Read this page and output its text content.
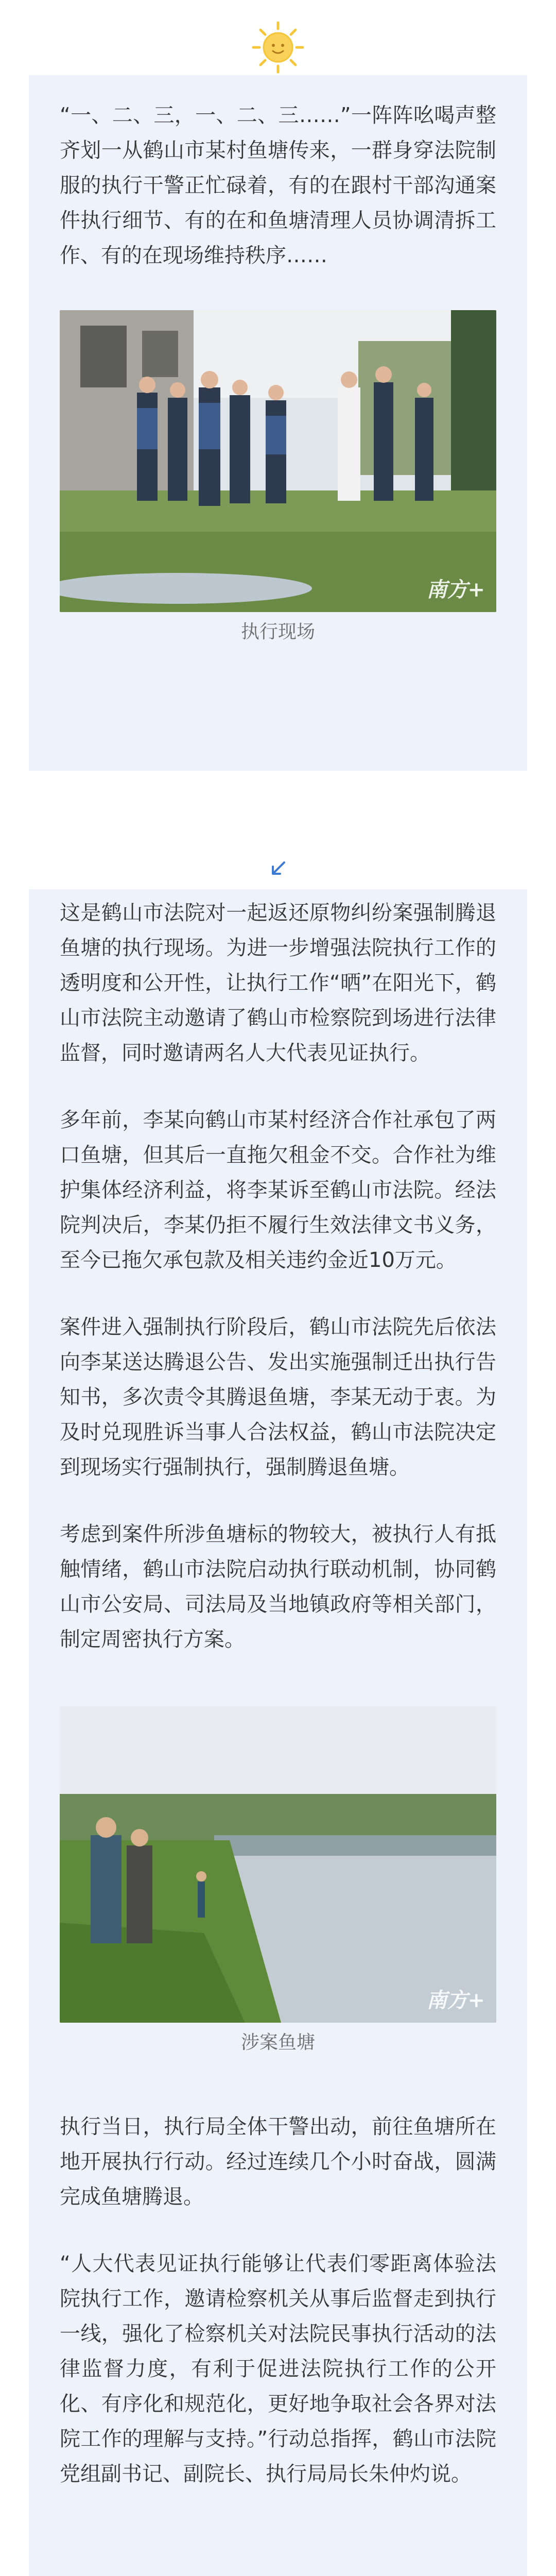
“一、二、三，一、二、三……”一阵阵吆喝声整齐划一从鹤山市某村鱼塘传来，一群身穿法院制服的执行干警正忙碌着，有的在跟村干部沟通案件执行细节、有的在和鱼塘清理人员协调清拆工作、有的在现场维持秩序……

南方+
执行现场

这是鹤山市法院对一起返还原物纠纷案强制腾退鱼塘的执行现场。为进一步增强法院执行工作的透明度和公开性，让执行工作“晒”在阳光下，鹤山市法院主动邀请了鹤山市检察院到场进行法律监督，同时邀请两名人大代表见证执行。

多年前，李某向鹤山市某村经济合作社承包了两口鱼塘，但其后一直拖欠租金不交。合作社为维护集体经济利益，将李某诉至鹤山市法院。经法院判决后，李某仍拒不履行生效法律文书义务，至今已拖欠承包款及相关违约金近10万元。

案件进入强制执行阶段后，鹤山市法院先后依法向李某送达腾退公告、发出实施强制迁出执行告知书，多次责令其腾退鱼塘，李某无动于衷。为及时兑现胜诉当事人合法权益，鹤山市法院决定到现场实行强制执行，强制腾退鱼塘。

考虑到案件所涉鱼塘标的物较大，被执行人有抵触情绪，鹤山市法院启动执行联动机制，协同鹤山市公安局、司法局及当地镇政府等相关部门，制定周密执行方案。

南方+
涉案鱼塘

执行当日，执行局全体干警出动，前往鱼塘所在地开展执行行动。经过连续几个小时奋战，圆满完成鱼塘腾退。

“人大代表见证执行能够让代表们零距离体验法院执行工作，邀请检察机关从事后监督走到执行一线，强化了检察机关对法院民事执行活动的法律监督力度，有利于促进法院执行工作的公开化、有序化和规范化，更好地争取社会各界对法院工作的理解与支持。”行动总指挥，鹤山市法院党组副书记、副院长、执行局局长朱仲灼说。
